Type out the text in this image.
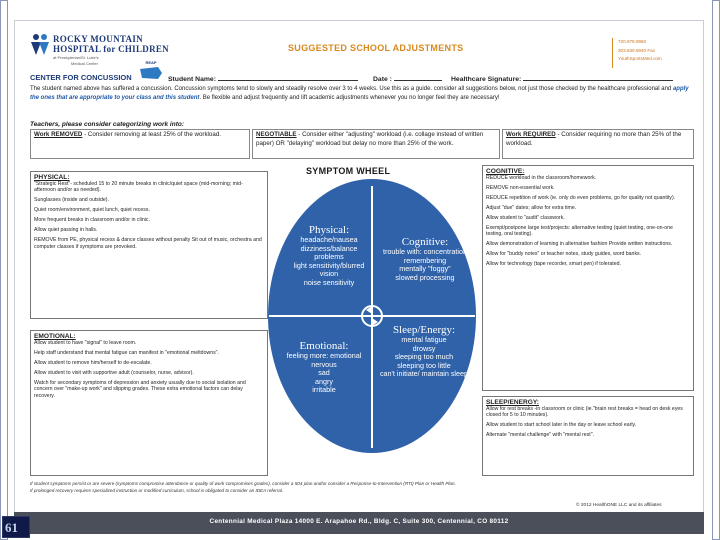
ROCKY MOUNTAIN
HOSPITAL for CHILDREN
at Presbyterian/St. Luke's
Medical Center	REAP
CENTER FOR CONCUSSION
SUGGESTED SCHOOL ADJUSTMENTS
720.979.0860
303.830.5940 Fax
YouthSportsMed.com
Student Name:	Date :	Healthcare Signature:
The student named above has suffered a concussion. Concussion symptoms tend to slowly and steadily resolve over 3 to 4 weeks. Use this as a guide. consider all suggestions below, not just those checked by the healthcare professional and apply the ones that are appropriate to your class and this student. Be flexible and adjust frequently and lift academic adjustments whenever you no longer feel they are necessary!
Teachers, please consider categorizing work into:
Work REMOVED - Consider removing at least 25% of the workload.	NEGOTIABLE - Consider either "adjusting" workload (i.e. collage instead of written paper) OR "delaying" workload but delay no more than 25% of the work.
Work REQUIRED - Consider requiring no more than 25% of the workload.
PHYSICAL:

"Strategic Rest"- scheduled 15 to 20 minute breaks in clinic/quiet space (mid-morning; mid-afternoon and/or as needed).

Sunglasses (inside and outside).

Quiet room/environment, quiet lunch, quiet recess.

More frequent breaks in classroom and/or in clinic.

Allow quiet passing in halls.

REMOVE from PE, physical recess & dance classes without penalty Sit out of music, orchestra and computer classes if symptoms are provoked.

EMOTIONAL:

Allow student to have "signal" to leave room.

Help staff understand that mental fatigue can manifest in "emotional meltdowns".

Allow student to remove him/herself to de-escalate.

Allow student to visit with supportive adult (counselor, nurse, advisor).

Watch for secondary symptoms of depression and anxiety usually due to social isolation and concern over "make-up work" and slipping grades. These extra emotional factors can delay recovery.

COGNITIVE:

REDUCE workload in the classroom/homework.

REMOVE non-essential work.

REDUCE repetition of work (ie. only do even problems, go for quality not quantity).

Adjust "due" dates; allow for extra time.

Allow student to "audit" classwork.

Exempt/postpone large test/projects: alternative testing (quiet testing, one-on-one testing, oral testing).

Allow demonstration of learning in alternative fashion Provide written instructions.

Allow for "buddy notes" or teacher notes, study guides, word banks.

Allow for technology (tape recorder, smart pen) if tolerated.

SLEEP/ENERGY:

Allow for rest breaks -in classroom or clinic (ie."brain rest breaks = head on desk eyes closed for 5 to 10 minutes).

Allow student to start school later in the day or leave school early.

Alternate "mental challenge" with "mental rest".

SYMPTOM WHEEL
Physical:
headache/nausea
dizziness/balance problems
light sensitivity/blurred vision
noise sensitivity
Cognitive:
trouble with: concentration
remembering
mentally "foggy"
slowed processing
Emotional:
feeling more: emotional
nervous
sad
angry
irritable
Sleep/Energy:
mental fatigue
drowsy
sleeping too much
sleeping too little
can't initiate/ maintain sleep
If student symptoms persist or are severe (symptoms compromise attendance or quality of work compromises grades), consider a 504 plan and/or consider a Response-to-Intervention (RTI) Plan or Health Plan.
If prolonged recovery requires specialized instruction or modified curriculum, school is obligated to consider an IDEA referral.
© 2012 HealthONE LLC and its affiliates
Centennial Medical Plaza 14000 E. Arapahoe Rd., Bldg. C, Suite 300, Centennial, CO 80112
61
